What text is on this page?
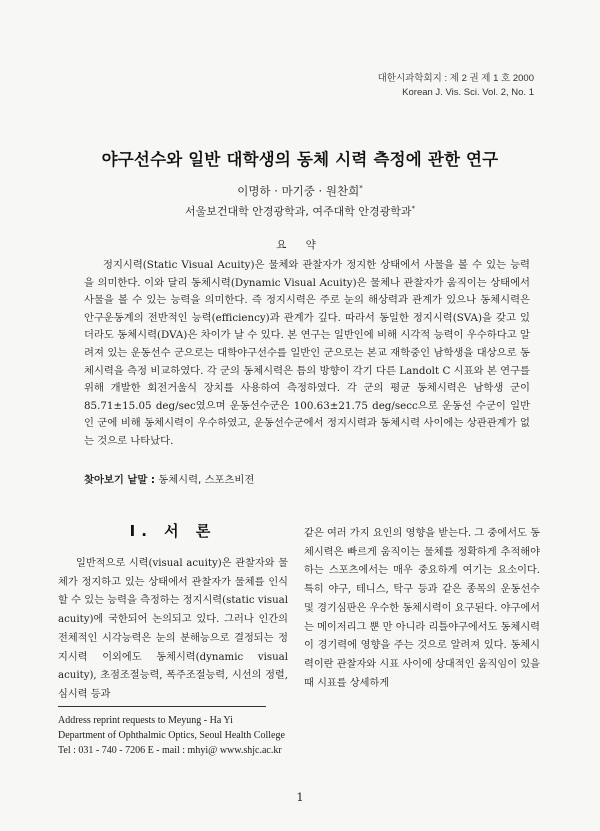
대한시과학회지 : 제 2 권 제 1 호 2000
Korean J. Vis. Sci. Vol. 2, No. 1
야구선수와 일반 대학생의 동체 시력 측정에 관한 연구
이명하 · 마기중 · 원찬희*
서울보건대학 안경광학과, 여주대학 안경광학과*
요 약

정지시력(Static Visual Acuity)은 물체와 관찰자가 정지한 상태에서 사물을 볼 수 있는 능력을 의미한다. 이와 달리 동체시력(Dynamic Visual Acuity)은 물체나 관찰자가 움직이는 상태에서 사물을 볼 수 있는 능력을 의미한다. 즉 정지시력은 주로 눈의 해상력과 관계가 있으나 동체시력은 안구운동계의 전반적인 능력(efficiency)과 관계가 깊다. 따라서 동일한 정지시력(SVA)을 갖고 있더라도 동체시력(DVA)은 차이가 날 수 있다. 본 연구는 일반인에 비해 시각적 능력이 우수하다고 알려져 있는 운동선수 군으로는 대학야구선수를 일반인 군으로는 본교 재학중인 남학생을 대상으로 동체시력을 측정 비교하였다. 각 군의 동체시력은 틈의 방향이 각기 다른 Landolt C 시표와 본 연구를 위해 개발한 회전거울식 장치를 사용하여 측정하였다. 각 군의 평균 동체시력은 남학생 군이 85.71±15.05 deg/sec였으며 운동선수군은 100.63±21.75 deg/secc으로 운동선 수군이 일반인 군에 비해 동체시력이 우수하였고, 운동선수군에서 정지시력과 동체시력 사이에는 상관관계가 없는 것으로 나타났다.

찾아보기 낱말 : 동체시력, 스포츠비젼
I. 서 론

일반적으로 시력(visual acuity)은 관찰자와 물체가 정지하고 있는 상태에서 관찰자가 물체를 인식할 수 있는 능력을 측정하는 정지시력(static visual acuity)에 국한되어 논의되고 있다. 그러나 인간의 전체적인 시각능력은 눈의 분해능으로 결정되는 정지시력 이외에도 동체시력(dynamic visual acuity), 초점조절능력, 폭주조절능력, 시선의 정렬, 심시력 등과

같은 여러 가지 요인의 영향을 받는다. 그 중에서도 동체시력은 빠르게 움직이는 물체를 정확하게 추적해야하는 스포츠에서는 매우 중요하게 여기는 요소이다. 특히 야구, 테니스, 탁구 등과 같은 종목의 운동선수 및 경기심판은 우수한 동체시력이 요구된다. 야구에서는 메이저리그 뿐 만 아니라 리틀야구에서도 동체시력이 경기력에 영향을 주는 것으로 알려져 있다. 동체시력이란 관찰자와 시표 사이에 상대적인 움직임이 있을 때 시표를 상세하게

Address reprint requests to Meyung - Ha Yi
Department of Ophthalmic Optics, Seoul Health College
Tel : 031 - 740 - 7206 E - mail : mhyi@ www.shjc.ac.kr
1
